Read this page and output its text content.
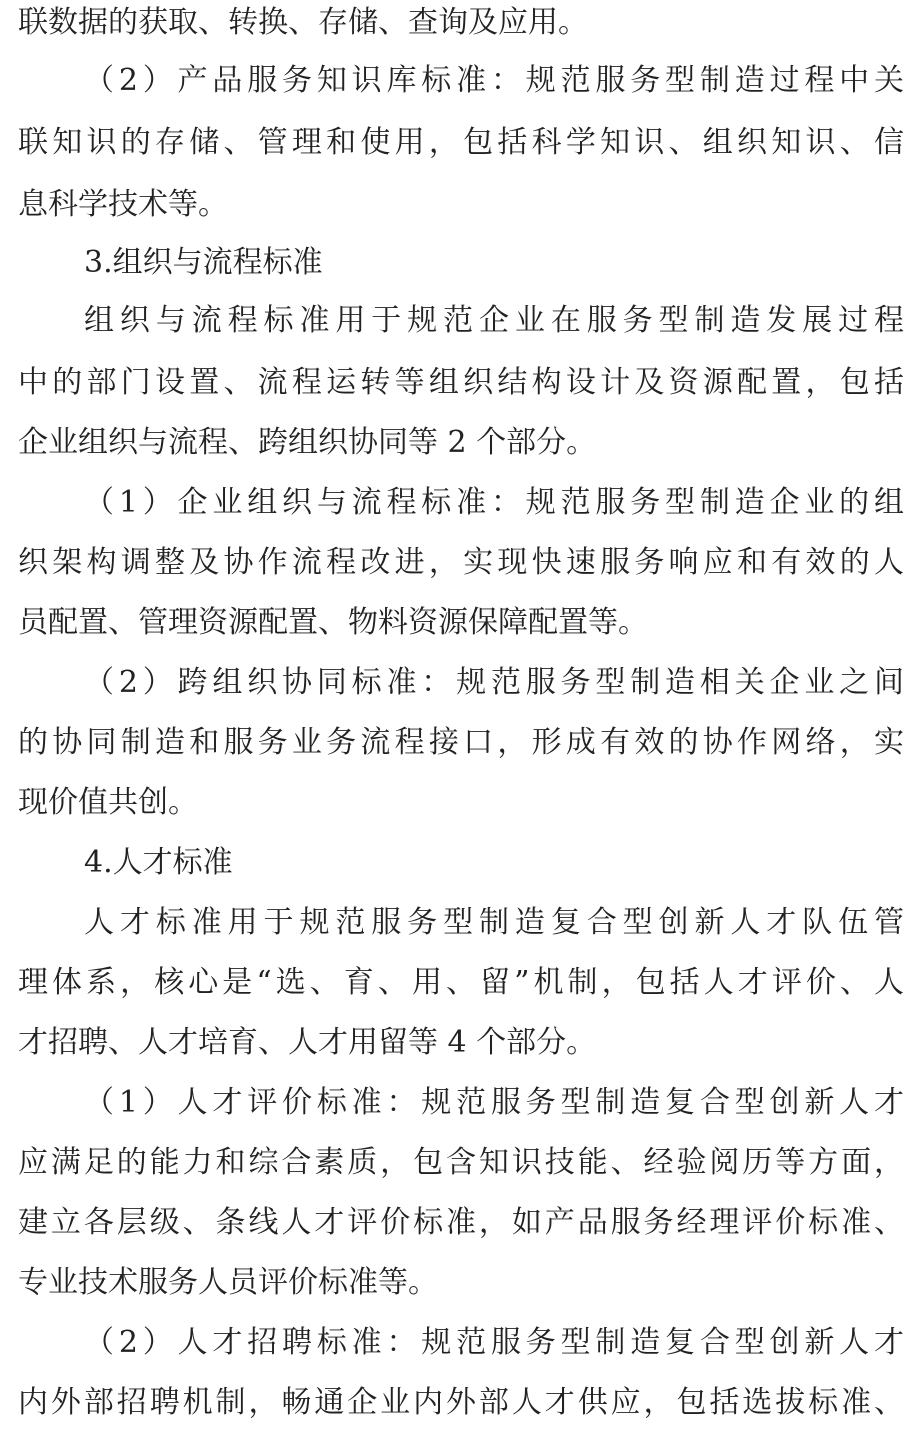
联数据的获取、转换、存储、查询及应用。
（2）产品服务知识库标准：规范服务型制造过程中关
联知识的存储、管理和使用，包括科学知识、组织知识、信
息科学技术等。
3.组织与流程标准
组织与流程标准用于规范企业在服务型制造发展过程
中的部门设置、流程运转等组织结构设计及资源配置，包括
企业组织与流程、跨组织协同等 2 个部分。
（1）企业组织与流程标准：规范服务型制造企业的组
织架构调整及协作流程改进，实现快速服务响应和有效的人
员配置、管理资源配置、物料资源保障配置等。
（2）跨组织协同标准：规范服务型制造相关企业之间
的协同制造和服务业务流程接口，形成有效的协作网络，实
现价值共创。
4.人才标准
人才标准用于规范服务型制造复合型创新人才队伍管
理体系，核心是“选、育、用、留”机制，包括人才评价、人
才招聘、人才培育、人才用留等 4 个部分。
（1）人才评价标准：规范服务型制造复合型创新人才
应满足的能力和综合素质，包含知识技能、经验阅历等方面，
建立各层级、条线人才评价标准，如产品服务经理评价标准、
专业技术服务人员评价标准等。
（2）人才招聘标准：规范服务型制造复合型创新人才
内外部招聘机制，畅通企业内外部人才供应，包括选拔标准、
